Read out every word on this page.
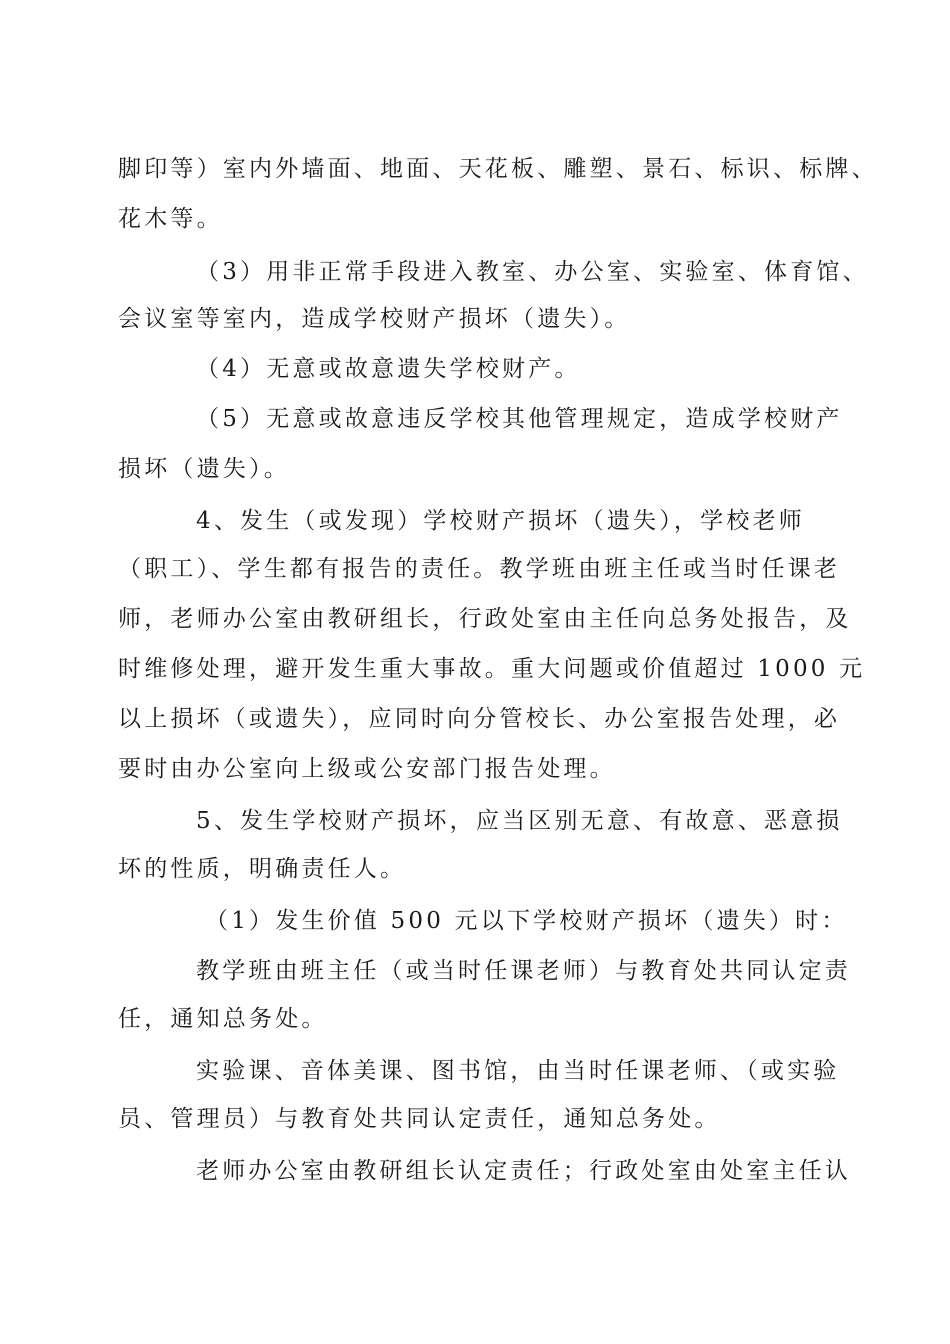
脚印等）室内外墙面、地面、天花板、雕塑、景石、标识、标牌、
花木等。
（3）用非正常手段进入教室、办公室、实验室、体育馆、
会议室等室内，造成学校财产损坏（遗失）。
（4）无意或故意遗失学校财产。
（5）无意或故意违反学校其他管理规定，造成学校财产
损坏（遗失）。
4、发生（或发现）学校财产损坏（遗失），学校老师
（职工）、学生都有报告的责任。教学班由班主任或当时任课老
师，老师办公室由教研组长，行政处室由主任向总务处报告，及
时维修处理，避开发生重大事故。重大问题或价值超过 1000 元
以上损坏（或遗失），应同时向分管校长、办公室报告处理，必
要时由办公室向上级或公安部门报告处理。
5、发生学校财产损坏，应当区别无意、有故意、恶意损
坏的性质，明确责任人。
（1）发生价值 500 元以下学校财产损坏（遗失）时：
教学班由班主任（或当时任课老师）与教育处共同认定责
任，通知总务处。
实验课、音体美课、图书馆，由当时任课老师、（或实验
员、管理员）与教育处共同认定责任，通知总务处。
老师办公室由教研组长认定责任；行政处室由处室主任认
